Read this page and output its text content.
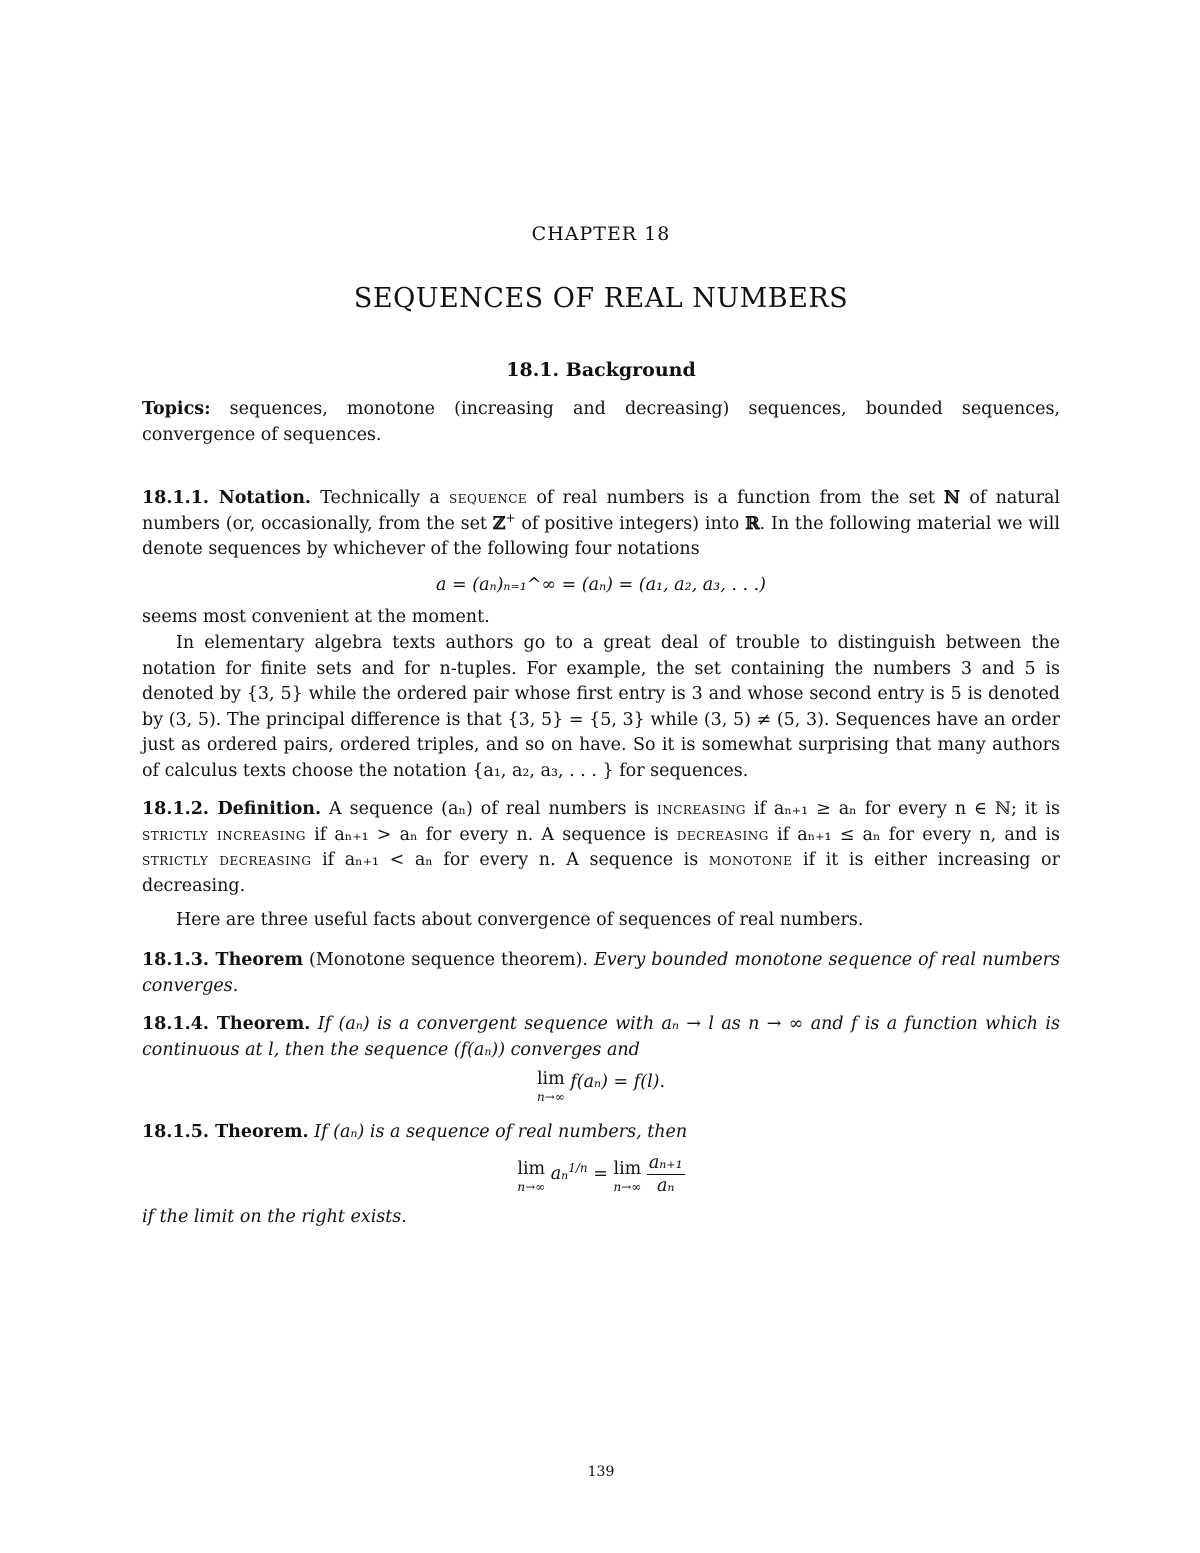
CHAPTER 18
SEQUENCES OF REAL NUMBERS
18.1. Background
Topics: sequences, monotone (increasing and decreasing) sequences, bounded sequences, convergence of sequences.
18.1.1. Notation. Technically a sequence of real numbers is a function from the set ℕ of natural numbers (or, occasionally, from the set ℤ+ of positive integers) into ℝ. In the following material we will denote sequences by whichever of the following four notations
a = (aₙ)ₙ₌₁^∞ = (aₙ) = (a₁, a₂, a₃, . . .)
seems most convenient at the moment.
In elementary algebra texts authors go to a great deal of trouble to distinguish between the notation for finite sets and for n-tuples. For example, the set containing the numbers 3 and 5 is denoted by {3, 5} while the ordered pair whose first entry is 3 and whose second entry is 5 is denoted by (3, 5). The principal difference is that {3, 5} = {5, 3} while (3, 5) ≠ (5, 3). Sequences have an order just as ordered pairs, ordered triples, and so on have. So it is somewhat surprising that many authors of calculus texts choose the notation {a₁, a₂, a₃, . . . } for sequences.
18.1.2. Definition. A sequence (aₙ) of real numbers is increasing if aₙ₊₁ ≥ aₙ for every n ∈ ℕ; it is strictly increasing if aₙ₊₁ > aₙ for every n. A sequence is decreasing if aₙ₊₁ ≤ aₙ for every n, and is strictly decreasing if aₙ₊₁ < aₙ for every n. A sequence is monotone if it is either increasing or decreasing.
Here are three useful facts about convergence of sequences of real numbers.
18.1.3. Theorem (Monotone sequence theorem). Every bounded monotone sequence of real numbers converges.
18.1.4. Theorem. If (aₙ) is a convergent sequence with aₙ → l as n → ∞ and f is a function which is continuous at l, then the sequence (f(aₙ)) converges and
lim
n→∞
f(aₙ) = f(l).
18.1.5. Theorem. If (aₙ) is a sequence of real numbers, then
lim
n→∞
aₙ$^{1/n}$ = lim
n→∞
$\frac{\text{aₙ₊₁}}{\text{aₙ}}$
if the limit on the right exists.
139
